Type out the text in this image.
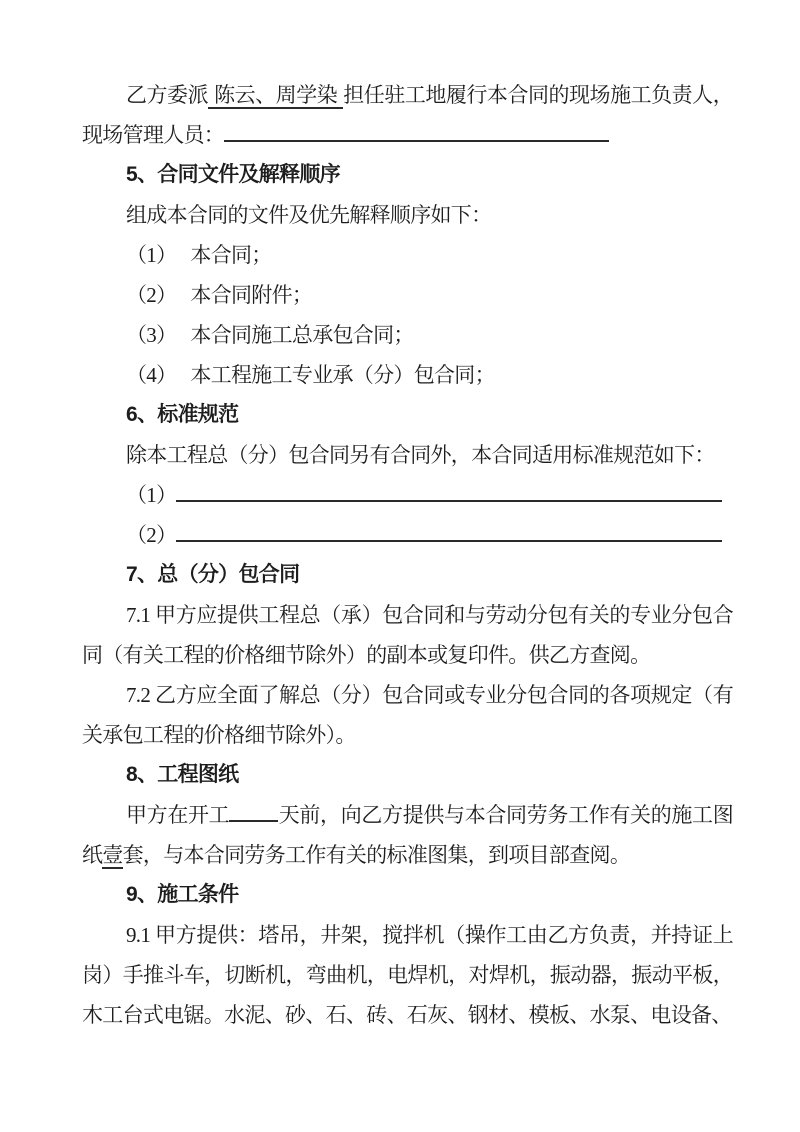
乙方委派 陈云、周学染 担任驻工地履行本合同的现场施工负责人，现场管理人员：

5、合同文件及解释顺序

组成本合同的文件及优先解释顺序如下：

（1） 本合同；
（2） 本合同附件；
（3） 本合同施工总承包合同；
（4） 本工程施工专业承（分）包合同；
6、标准规范

除本工程总（分）包合同另有合同外，本合同适用标准规范如下：

（1）
（2）
7、总（分）包合同

7.1 甲方应提供工程总（承）包合同和与劳动分包有关的专业分包合同（有关工程的价格细节除外）的副本或复印件。供乙方查阅。

7.2 乙方应全面了解总（分）包合同或专业分包合同的各项规定（有关承包工程的价格细节除外）。

8、工程图纸

甲方在开工 天前，向乙方提供与本合同劳务工作有关的施工图纸壹套，与本合同劳务工作有关的标准图集，到项目部查阅。

9、施工条件

9.1 甲方提供：塔吊，井架，搅拌机（操作工由乙方负责，并持证上岗）手推斗车，切断机，弯曲机，电焊机，对焊机，振动器，振动平板，木工台式电锯。水泥、砂、石、砖、石灰、钢材、模板、水泵、电设备、
